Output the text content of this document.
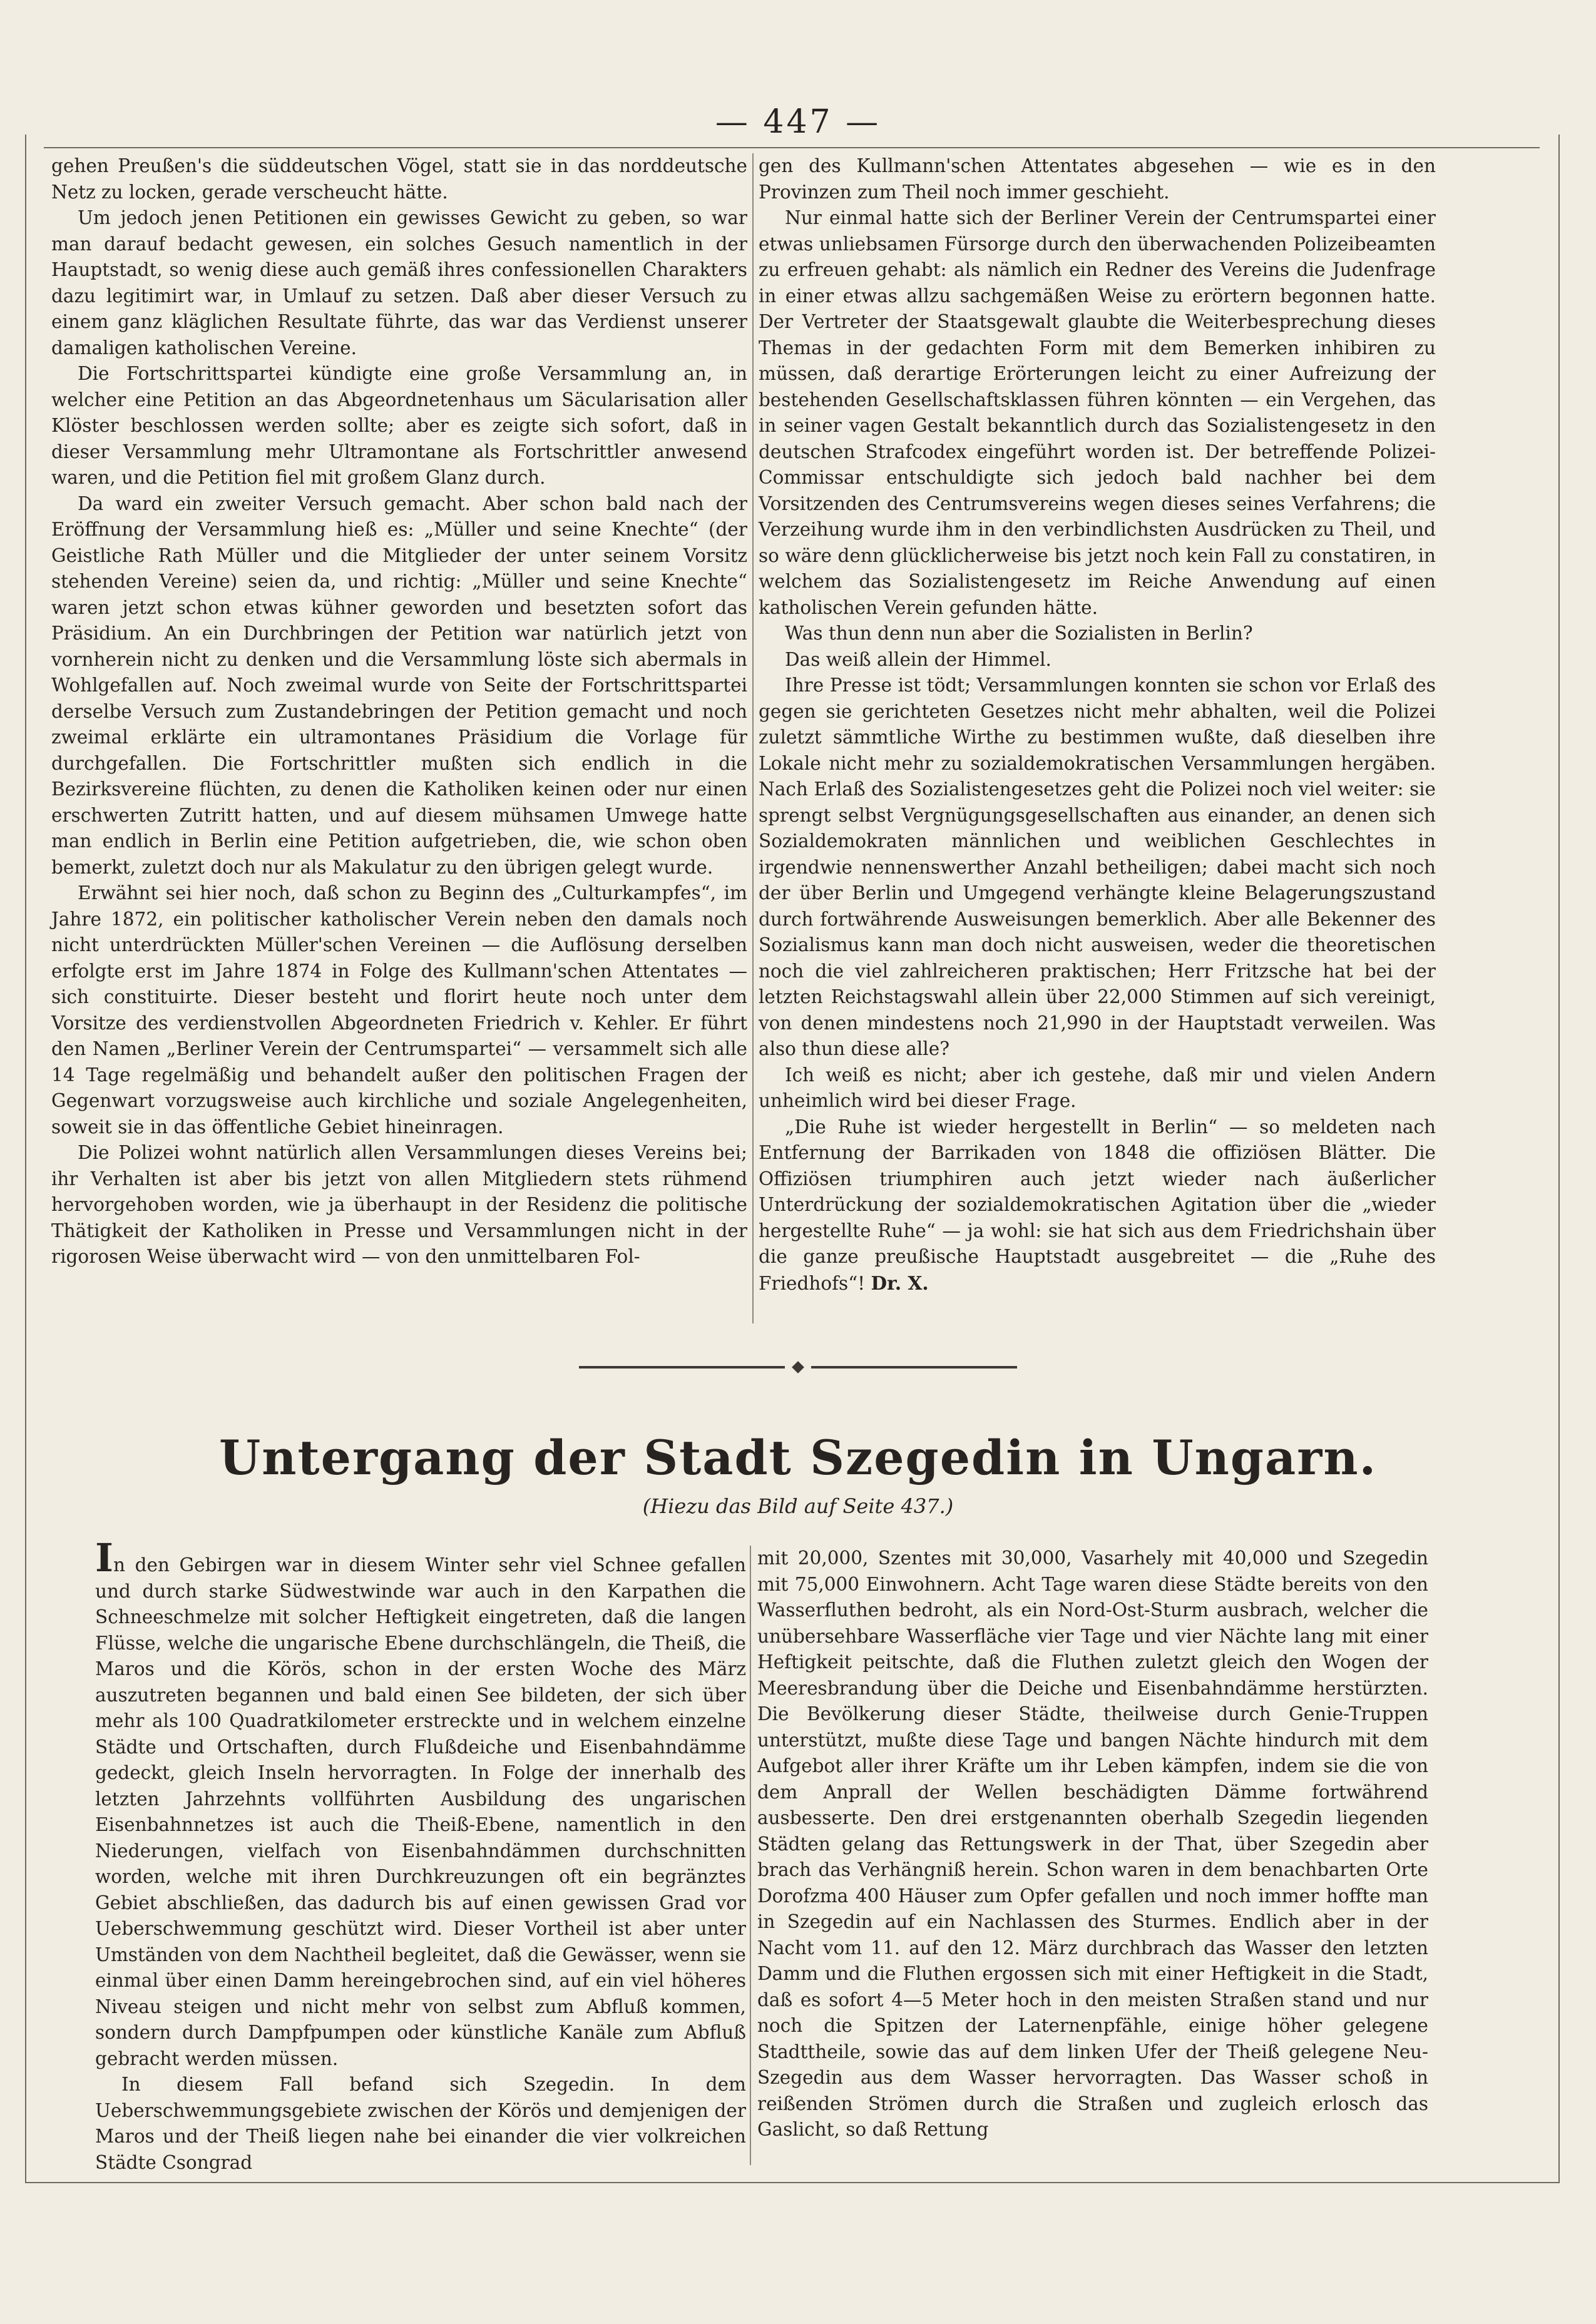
— 447 —

gehen Preußen's die süddeutschen Vögel, statt sie in das norddeutsche Netz zu locken, gerade verscheucht hätte.

Um jedoch jenen Petitionen ein gewisses Gewicht zu geben, so war man darauf bedacht gewesen, ein solches Gesuch namentlich in der Hauptstadt, so wenig diese auch gemäß ihres confessionellen Charakters dazu legitimirt war, in Umlauf zu setzen. Daß aber dieser Versuch zu einem ganz kläglichen Resultate führte, das war das Verdienst unserer damaligen katholischen Vereine.

Die Fortschrittspartei kündigte eine große Versammlung an, in welcher eine Petition an das Abgeordnetenhaus um Säcularisation aller Klöster beschlossen werden sollte; aber es zeigte sich sofort, daß in dieser Versammlung mehr Ultramontane als Fortschrittler anwesend waren, und die Petition fiel mit großem Glanz durch.

Da ward ein zweiter Versuch gemacht. Aber schon bald nach der Eröffnung der Versammlung hieß es: „Müller und seine Knechte“ (der Geistliche Rath Müller und die Mitglieder der unter seinem Vorsitz stehenden Vereine) seien da, und richtig: „Müller und seine Knechte“ waren jetzt schon etwas kühner geworden und besetzten sofort das Präsidium. An ein Durchbringen der Petition war natürlich jetzt von vornherein nicht zu denken und die Versammlung löste sich abermals in Wohlgefallen auf. Noch zweimal wurde von Seite der Fortschrittspartei derselbe Versuch zum Zustandebringen der Petition gemacht und noch zweimal erklärte ein ultramontanes Präsidium die Vorlage für durchgefallen. Die Fortschrittler mußten sich endlich in die Bezirksvereine flüchten, zu denen die Katholiken keinen oder nur einen erschwerten Zutritt hatten, und auf diesem mühsamen Umwege hatte man endlich in Berlin eine Petition aufgetrieben, die, wie schon oben bemerkt, zuletzt doch nur als Makulatur zu den übrigen gelegt wurde.

Erwähnt sei hier noch, daß schon zu Beginn des „Culturkampfes“, im Jahre 1872, ein politischer katholischer Verein neben den damals noch nicht unterdrückten Müller'schen Vereinen — die Auflösung derselben erfolgte erst im Jahre 1874 in Folge des Kullmann'schen Attentates — sich constituirte. Dieser besteht und florirt heute noch unter dem Vorsitze des verdienstvollen Abgeordneten Friedrich v. Kehler. Er führt den Namen „Berliner Verein der Centrumspartei“ — versammelt sich alle 14 Tage regelmäßig und behandelt außer den politischen Fragen der Gegenwart vorzugsweise auch kirchliche und soziale Angelegenheiten, soweit sie in das öffentliche Gebiet hineinragen.

Die Polizei wohnt natürlich allen Versammlungen dieses Vereins bei; ihr Verhalten ist aber bis jetzt von allen Mitgliedern stets rühmend hervorgehoben worden, wie ja überhaupt in der Residenz die politische Thätigkeit der Katholiken in Presse und Versammlungen nicht in der rigorosen Weise überwacht wird — von den unmittelbaren Fol-

gen des Kullmann'schen Attentates abgesehen — wie es in den Provinzen zum Theil noch immer geschieht.

Nur einmal hatte sich der Berliner Verein der Centrumspartei einer etwas unliebsamen Fürsorge durch den überwachenden Polizeibeamten zu erfreuen gehabt: als nämlich ein Redner des Vereins die Judenfrage in einer etwas allzu sachgemäßen Weise zu erörtern begonnen hatte. Der Vertreter der Staatsgewalt glaubte die Weiterbesprechung dieses Themas in der gedachten Form mit dem Bemerken inhibiren zu müssen, daß derartige Erörterungen leicht zu einer Aufreizung der bestehenden Gesellschaftsklassen führen könnten — ein Vergehen, das in seiner vagen Gestalt bekanntlich durch das Sozialistengesetz in den deutschen Strafcodex eingeführt worden ist. Der betreffende Polizei-Commissar entschuldigte sich jedoch bald nachher bei dem Vorsitzenden des Centrumsvereins wegen dieses seines Verfahrens; die Verzeihung wurde ihm in den verbindlichsten Ausdrücken zu Theil, und so wäre denn glücklicherweise bis jetzt noch kein Fall zu constatiren, in welchem das Sozialistengesetz im Reiche Anwendung auf einen katholischen Verein gefunden hätte.

Was thun denn nun aber die Sozialisten in Berlin?

Das weiß allein der Himmel.

Ihre Presse ist tödt; Versammlungen konnten sie schon vor Erlaß des gegen sie gerichteten Gesetzes nicht mehr abhalten, weil die Polizei zuletzt sämmtliche Wirthe zu bestimmen wußte, daß dieselben ihre Lokale nicht mehr zu sozialdemokratischen Versammlungen hergäben. Nach Erlaß des Sozialistengesetzes geht die Polizei noch viel weiter: sie sprengt selbst Vergnügungsgesellschaften aus einander, an denen sich Sozialdemokraten männlichen und weiblichen Geschlechtes in irgendwie nennenswerther Anzahl betheiligen; dabei macht sich noch der über Berlin und Umgegend verhängte kleine Belagerungszustand durch fortwährende Ausweisungen bemerklich. Aber alle Bekenner des Sozialismus kann man doch nicht ausweisen, weder die theoretischen noch die viel zahlreicheren praktischen; Herr Fritzsche hat bei der letzten Reichstagswahl allein über 22,000 Stimmen auf sich vereinigt, von denen mindestens noch 21,990 in der Hauptstadt verweilen. Was also thun diese alle?

Ich weiß es nicht; aber ich gestehe, daß mir und vielen Andern unheimlich wird bei dieser Frage.

„Die Ruhe ist wieder hergestellt in Berlin“ — so meldeten nach Entfernung der Barrikaden von 1848 die offiziösen Blätter. Die Offiziösen triumphiren auch jetzt wieder nach äußerlicher Unterdrückung der sozialdemokratischen Agitation über die „wieder hergestellte Ruhe“ — ja wohl: sie hat sich aus dem Friedrichshain über die ganze preußische Hauptstadt ausgebreitet — die „Ruhe des Friedhofs“! Dr. X.

Untergang der Stadt Szegedin in Ungarn.
(Hiezu das Bild auf Seite 437.)

In den Gebirgen war in diesem Winter sehr viel Schnee gefallen und durch starke Südwestwinde war auch in den Karpathen die Schneeschmelze mit solcher Heftigkeit eingetreten, daß die langen Flüsse, welche die ungarische Ebene durchschlängeln, die Theiß, die Maros und die Körös, schon in der ersten Woche des März auszutreten begannen und bald einen See bildeten, der sich über mehr als 100 Quadratkilometer erstreckte und in welchem einzelne Städte und Ortschaften, durch Flußdeiche und Eisenbahndämme gedeckt, gleich Inseln hervorragten. In Folge der innerhalb des letzten Jahrzehnts vollführten Ausbildung des ungarischen Eisenbahnnetzes ist auch die Theiß-Ebene, namentlich in den Niederungen, vielfach von Eisenbahndämmen durchschnitten worden, welche mit ihren Durchkreuzungen oft ein begränztes Gebiet abschließen, das dadurch bis auf einen gewissen Grad vor Ueberschwemmung geschützt wird. Dieser Vortheil ist aber unter Umständen von dem Nachtheil begleitet, daß die Gewässer, wenn sie einmal über einen Damm hereingebrochen sind, auf ein viel höheres Niveau steigen und nicht mehr von selbst zum Abfluß kommen, sondern durch Dampfpumpen oder künstliche Kanäle zum Abfluß gebracht werden müssen.

In diesem Fall befand sich Szegedin. In dem Ueberschwemmungsgebiete zwischen der Körös und demjenigen der Maros und der Theiß liegen nahe bei einander die vier volkreichen Städte Csongrad

mit 20,000, Szentes mit 30,000, Vasarhely mit 40,000 und Szegedin mit 75,000 Einwohnern. Acht Tage waren diese Städte bereits von den Wasserfluthen bedroht, als ein Nord-Ost-Sturm ausbrach, welcher die unübersehbare Wasserfläche vier Tage und vier Nächte lang mit einer Heftigkeit peitschte, daß die Fluthen zuletzt gleich den Wogen der Meeresbrandung über die Deiche und Eisenbahndämme herstürzten. Die Bevölkerung dieser Städte, theilweise durch Genie-Truppen unterstützt, mußte diese Tage und bangen Nächte hindurch mit dem Aufgebot aller ihrer Kräfte um ihr Leben kämpfen, indem sie die von dem Anprall der Wellen beschädigten Dämme fortwährend ausbesserte. Den drei erstgenannten oberhalb Szegedin liegenden Städten gelang das Rettungswerk in der That, über Szegedin aber brach das Verhängniß herein. Schon waren in dem benachbarten Orte Dorofzma 400 Häuser zum Opfer gefallen und noch immer hoffte man in Szegedin auf ein Nachlassen des Sturmes. Endlich aber in der Nacht vom 11. auf den 12. März durchbrach das Wasser den letzten Damm und die Fluthen ergossen sich mit einer Heftigkeit in die Stadt, daß es sofort 4—5 Meter hoch in den meisten Straßen stand und nur noch die Spitzen der Laternenpfähle, einige höher gelegene Stadttheile, sowie das auf dem linken Ufer der Theiß gelegene Neu-Szegedin aus dem Wasser hervorragten. Das Wasser schoß in reißenden Strömen durch die Straßen und zugleich erlosch das Gaslicht, so daß Rettung
